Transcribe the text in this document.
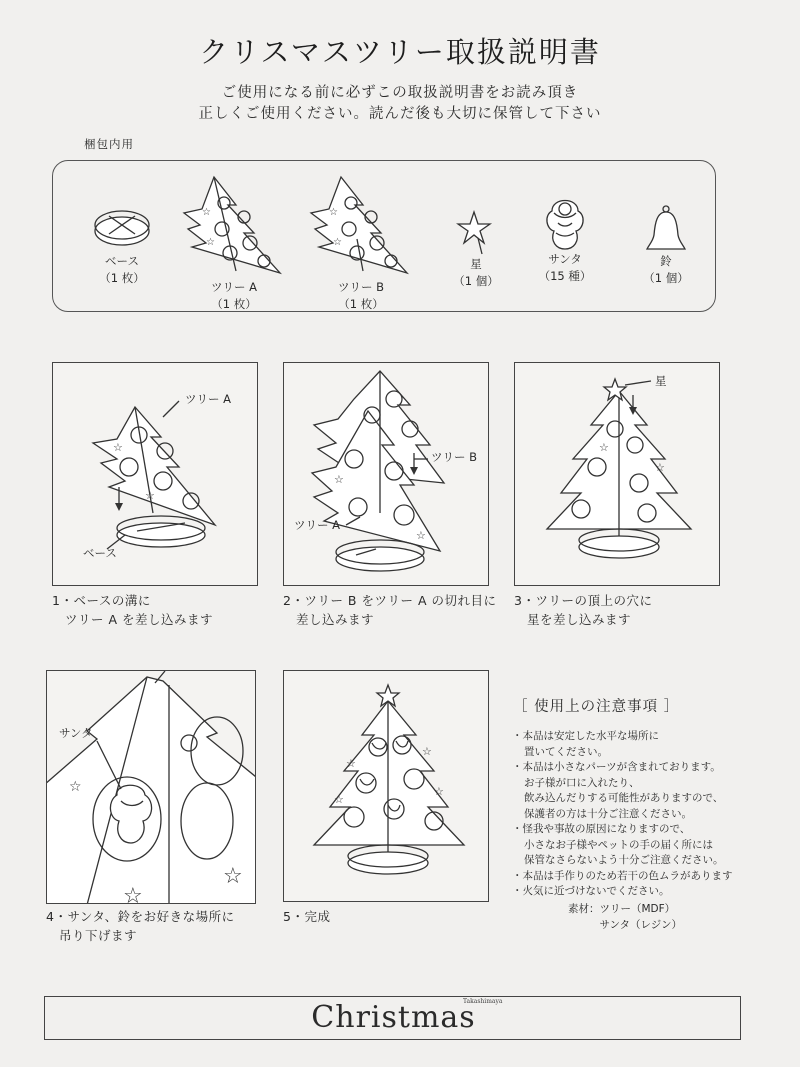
クリスマスツリー取扱説明書
ご使用になる前に必ずこの取扱説明書をお読み頂き
正しくご使用ください。読んだ後も大切に保管して下さい
梱包内用
ベース
（1 枚）
☆
☆
ツリー A
（1 枚）
☆
☆
ツリー B
（1 枚）
星
（1 個）
サンタ
（15 種）
鈴
（1 個）
☆
☆
ツリー A
ベース
1・ベースの溝に
　ツリー A を差し込みます
☆
☆
ツリー B
ツリー A
2・ツリー B をツリー A の切れ目に
　差し込みます
☆
☆
星
3・ツリーの頂上の穴に
　星を差し込みます
☆
☆
☆
サンタ
4・サンタ、鈴をお好きな場所に
　吊り下げます
☆
☆
☆
☆
5・完成
［ 使用上の注意事項 ］
・本品は安定した水平な場所に
置いてください。
・本品は小さなパーツが含まれております。
お子様が口に入れたり、
飲み込んだりする可能性がありますので、
保護者の方は十分ご注意ください。
・怪我や事故の原因になりますので、
小さなお子様やペットの手の届く所には
保管なさらないよう十分ご注意ください。
・本品は手作りのため若干の色ムラがあります
・火気に近づけないでください。
素材：ツリー（MDF）
　　　サンタ（レジン）
Christmas
Takashimaya
